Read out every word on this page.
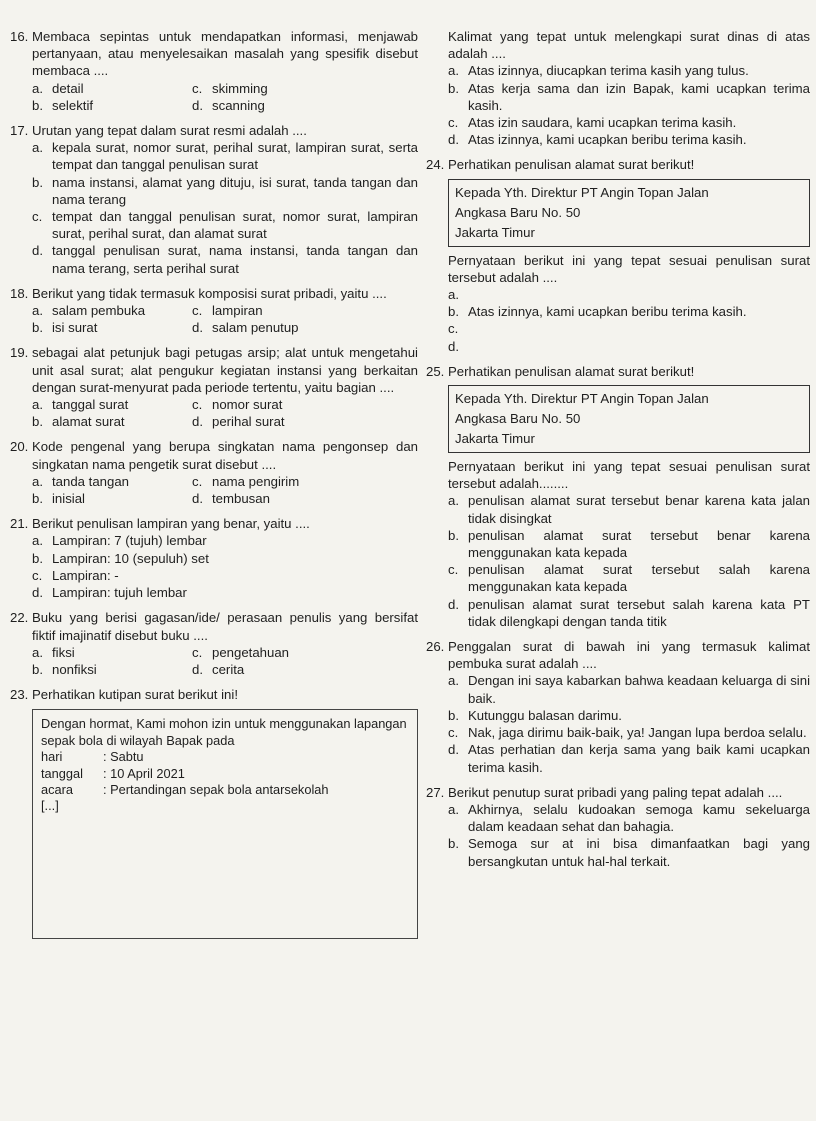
16. Membaca sepintas untuk mendapatkan informasi, menjawab pertanyaan, atau menyelesaikan masalah yang spesifik disebut membaca ....
a. detail	c. skimming
b. selektif	d. scanning
17. Urutan yang tepat dalam surat resmi adalah ....
a. kepala surat, nomor surat, perihal surat, lampiran surat, serta tempat dan tanggal penulisan surat
b. nama instansi, alamat yang dituju, isi surat, tanda tangan dan nama terang
c. tempat dan tanggal penulisan surat, nomor surat, lampiran surat, perihal surat, dan alamat surat
d. tanggal penulisan surat, nama instansi, tanda tangan dan nama terang, serta perihal surat
18. Berikut yang tidak termasuk komposisi surat pribadi, yaitu ....
a. salam pembuka	c. lampiran
b. isi surat	d. salam penutup
19. sebagai alat petunjuk bagi petugas arsip; alat untuk mengetahui unit asal surat; alat pengukur kegiatan instansi yang berkaitan dengan surat-menyurat pada periode tertentu, yaitu bagian ....
a. tanggal surat	c. nomor surat
b. alamat surat	d. perihal surat
20. Kode pengenal yang berupa singkatan nama pengonsep dan singkatan nama pengetik surat disebut ....
a. tanda tangan	c. nama pengirim
b. inisial	d. tembusan
21. Berikut penulisan lampiran yang benar, yaitu ....
a. Lampiran: 7 (tujuh) lembar
b. Lampiran: 10 (sepuluh) set
c. Lampiran: -
d. Lampiran: tujuh lembar
22. Buku yang berisi gagasan/ide/ perasaan penulis yang bersifat fiktif imajinatif disebut buku ....
a. fiksi	c. pengetahuan
b. nonfiksi	d. cerita
23. Perhatikan kutipan surat berikut ini!
Dengan hormat, Kami mohon izin untuk menggunakan lapangan sepak bola di wilayah Bapak pada
hari	: Sabtu
tanggal	: 10 April 2021
acara	: Pertandingan sepak bola antarsekolah
[...]
Kalimat yang tepat untuk melengkapi surat dinas di atas adalah ....
a. Atas izinnya, diucapkan terima kasih yang tulus.
b. Atas kerja sama dan izin Bapak, kami ucapkan terima kasih.
c. Atas izin saudara, kami ucapkan terima kasih.
d. Atas izinnya, kami ucapkan beribu terima kasih.
24. Perhatikan penulisan alamat surat berikut!
Kepada Yth. Direktur PT Angin Topan Jalan
Angkasa Baru No. 50
Jakarta Timur
Pernyataan berikut ini yang tepat sesuai penulisan surat tersebut adalah ....
a.
b. Atas izinnya, kami ucapkan beribu terima kasih.
c.
d.
25. Perhatikan penulisan alamat surat berikut!
Kepada Yth. Direktur PT Angin Topan Jalan
Angkasa Baru No. 50
Jakarta Timur
Pernyataan berikut ini yang tepat sesuai penulisan surat tersebut adalah........
a. penulisan alamat surat tersebut benar karena kata jalan tidak disingkat
b. penulisan alamat surat tersebut benar karena menggunakan kata kepada
c. penulisan alamat surat tersebut salah karena menggunakan kata kepada
d. penulisan alamat surat tersebut salah karena kata PT tidak dilengkapi dengan tanda titik
26. Penggalan surat di bawah ini yang termasuk kalimat pembuka surat adalah ....
a. Dengan ini saya kabarkan bahwa keadaan keluarga di sini baik.
b. Kutunggu balasan darimu.
c. Nak, jaga dirimu baik-baik, ya! Jangan lupa berdoa selalu.
d. Atas perhatian dan kerja sama yang baik kami ucapkan terima kasih.
27. Berikut penutup surat pribadi yang paling tepat adalah ....
a. Akhirnya, selalu kudoakan semoga kamu sekeluarga dalam keadaan sehat dan bahagia.
b. Semoga sur at ini bisa dimanfaatkan bagi yang bersangkutan untuk hal-hal terkait.
